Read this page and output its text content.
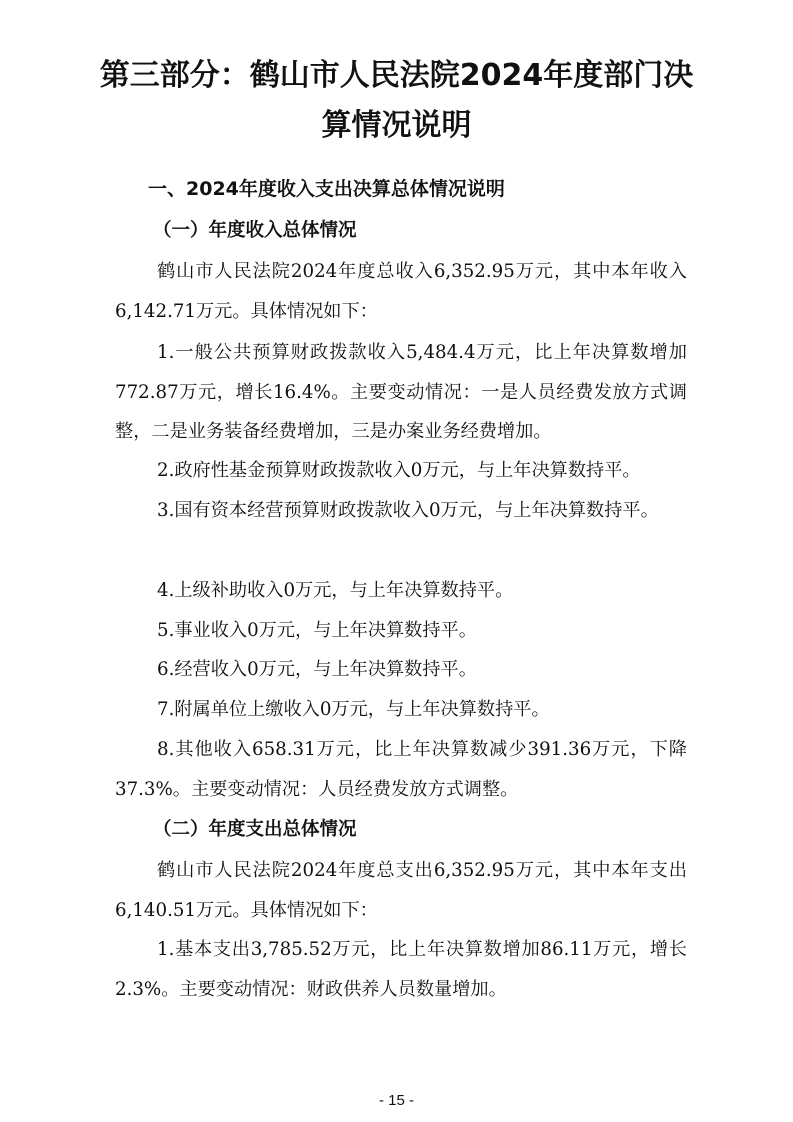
第三部分：鹤山市人民法院2024年度部门决
算情况说明
一、2024年度收入支出决算总体情况说明
（一）年度收入总体情况

鹤山市人民法院2024年度总收入6,352.95万元，其中本年收入6,142.71万元。具体情况如下：

1.一般公共预算财政拨款收入5,484.4万元，比上年决算数增加772.87万元，增长16.4%。主要变动情况：一是人员经费发放方式调整，二是业务装备经费增加，三是办案业务经费增加。

2.政府性基金预算财政拨款收入0万元，与上年决算数持平。

3.国有资本经营预算财政拨款收入0万元，与上年决算数持平。

4.上级补助收入0万元，与上年决算数持平。

5.事业收入0万元，与上年决算数持平。

6.经营收入0万元，与上年决算数持平。

7.附属单位上缴收入0万元，与上年决算数持平。

8.其他收入658.31万元，比上年决算数减少391.36万元，下降37.3%。主要变动情况：人员经费发放方式调整。

（二）年度支出总体情况

鹤山市人民法院2024年度总支出6,352.95万元，其中本年支出6,140.51万元。具体情况如下：

1.基本支出3,785.52万元，比上年决算数增加86.11万元，增长2.3%。主要变动情况：财政供养人员数量增加。

- 15 -
